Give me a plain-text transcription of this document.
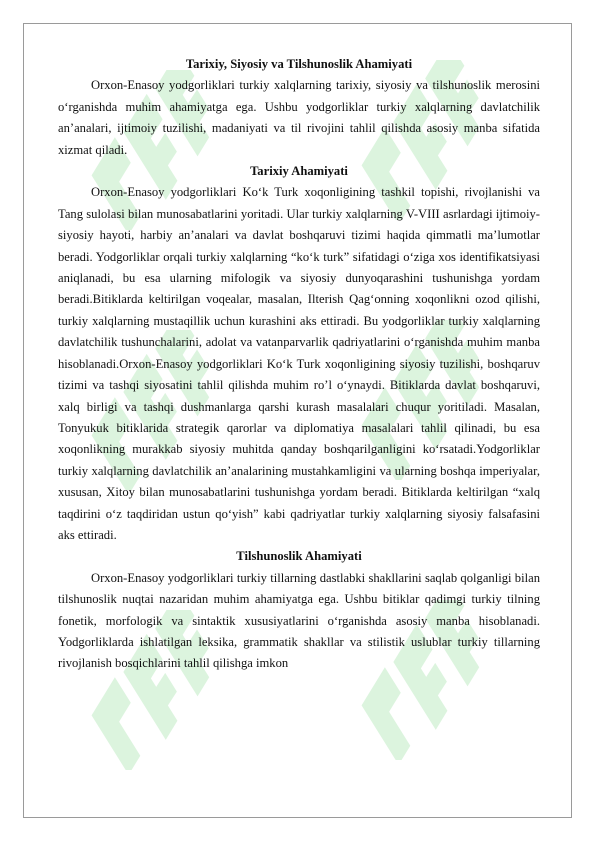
Tarixiy, Siyosiy va Tilshunoslik Ahamiyati

Orxon-Enasoy yodgorliklari turkiy xalqlarning tarixiy, siyosiy va tilshunoslik merosini o‘rganishda muhim ahamiyatga ega. Ushbu yodgorliklar turkiy xalqlarning davlatchilik an’analari, ijtimoiy tuzilishi, madaniyati va til rivojini tahlil qilishda asosiy manba sifatida xizmat qiladi.

Tarixiy Ahamiyati

Orxon-Enasoy yodgorliklari Ko‘k Turk xoqonligining tashkil topishi, rivojlanishi va Tang sulolasi bilan munosabatlarini yoritadi. Ular turkiy xalqlarning V-VIII asrlardagi ijtimoiy-siyosiy hayoti, harbiy an’analari va davlat boshqaruvi tizimi haqida qimmatli ma’lumotlar beradi. Yodgorliklar orqali turkiy xalqlarning “ko‘k turk” sifatidagi o‘ziga xos identifikatsiyasi aniqlanadi, bu esa ularning mifologik va siyosiy dunyoqarashini tushunishga yordam beradi.Bitiklarda keltirilgan voqealar, masalan, Ilterish Qag‘onning xoqonlikni ozod qilishi, turkiy xalqlarning mustaqillik uchun kurashini aks ettiradi. Bu yodgorliklar turkiy xalqlarning davlatchilik tushunchalarini, adolat va vatanparvarlik qadriyatlarini o‘rganishda muhim manba hisoblanadi.Orxon-Enasoy yodgorliklari Ko‘k Turk xoqonligining siyosiy tuzilishi, boshqaruv tizimi va tashqi siyosatini tahlil qilishda muhim ro’l o‘ynaydi. Bitiklarda davlat boshqaruvi, xalq birligi va tashqi dushmanlarga qarshi kurash masalalari chuqur yoritiladi. Masalan, Tonyukuk bitiklarida strategik qarorlar va diplomatiya masalalari tahlil qilinadi, bu esa xoqonlikning murakkab siyosiy muhitda qanday boshqarilganligini ko‘rsatadi.Yodgorliklar turkiy xalqlarning davlatchilik an’analarining mustahkamligini va ularning boshqa imperiyalar, xususan, Xitoy bilan munosabatlarini tushunishga yordam beradi. Bitiklarda keltirilgan “xalq taqdirini o‘z taqdiridan ustun qo‘yish” kabi qadriyatlar turkiy xalqlarning siyosiy falsafasini aks ettiradi.

Tilshunoslik Ahamiyati

Orxon-Enasoy yodgorliklari turkiy tillarning dastlabki shakllarini saqlab qolganligi bilan tilshunoslik nuqtai nazaridan muhim ahamiyatga ega. Ushbu bitiklar qadimgi turkiy tilning fonetik, morfologik va sintaktik xususiyatlarini o‘rganishda asosiy manba hisoblanadi. Yodgorliklarda ishlatilgan leksika, grammatik shakllar va stilistik uslublar turkiy tillarning rivojlanish bosqichlarini tahlil qilishga imkon
